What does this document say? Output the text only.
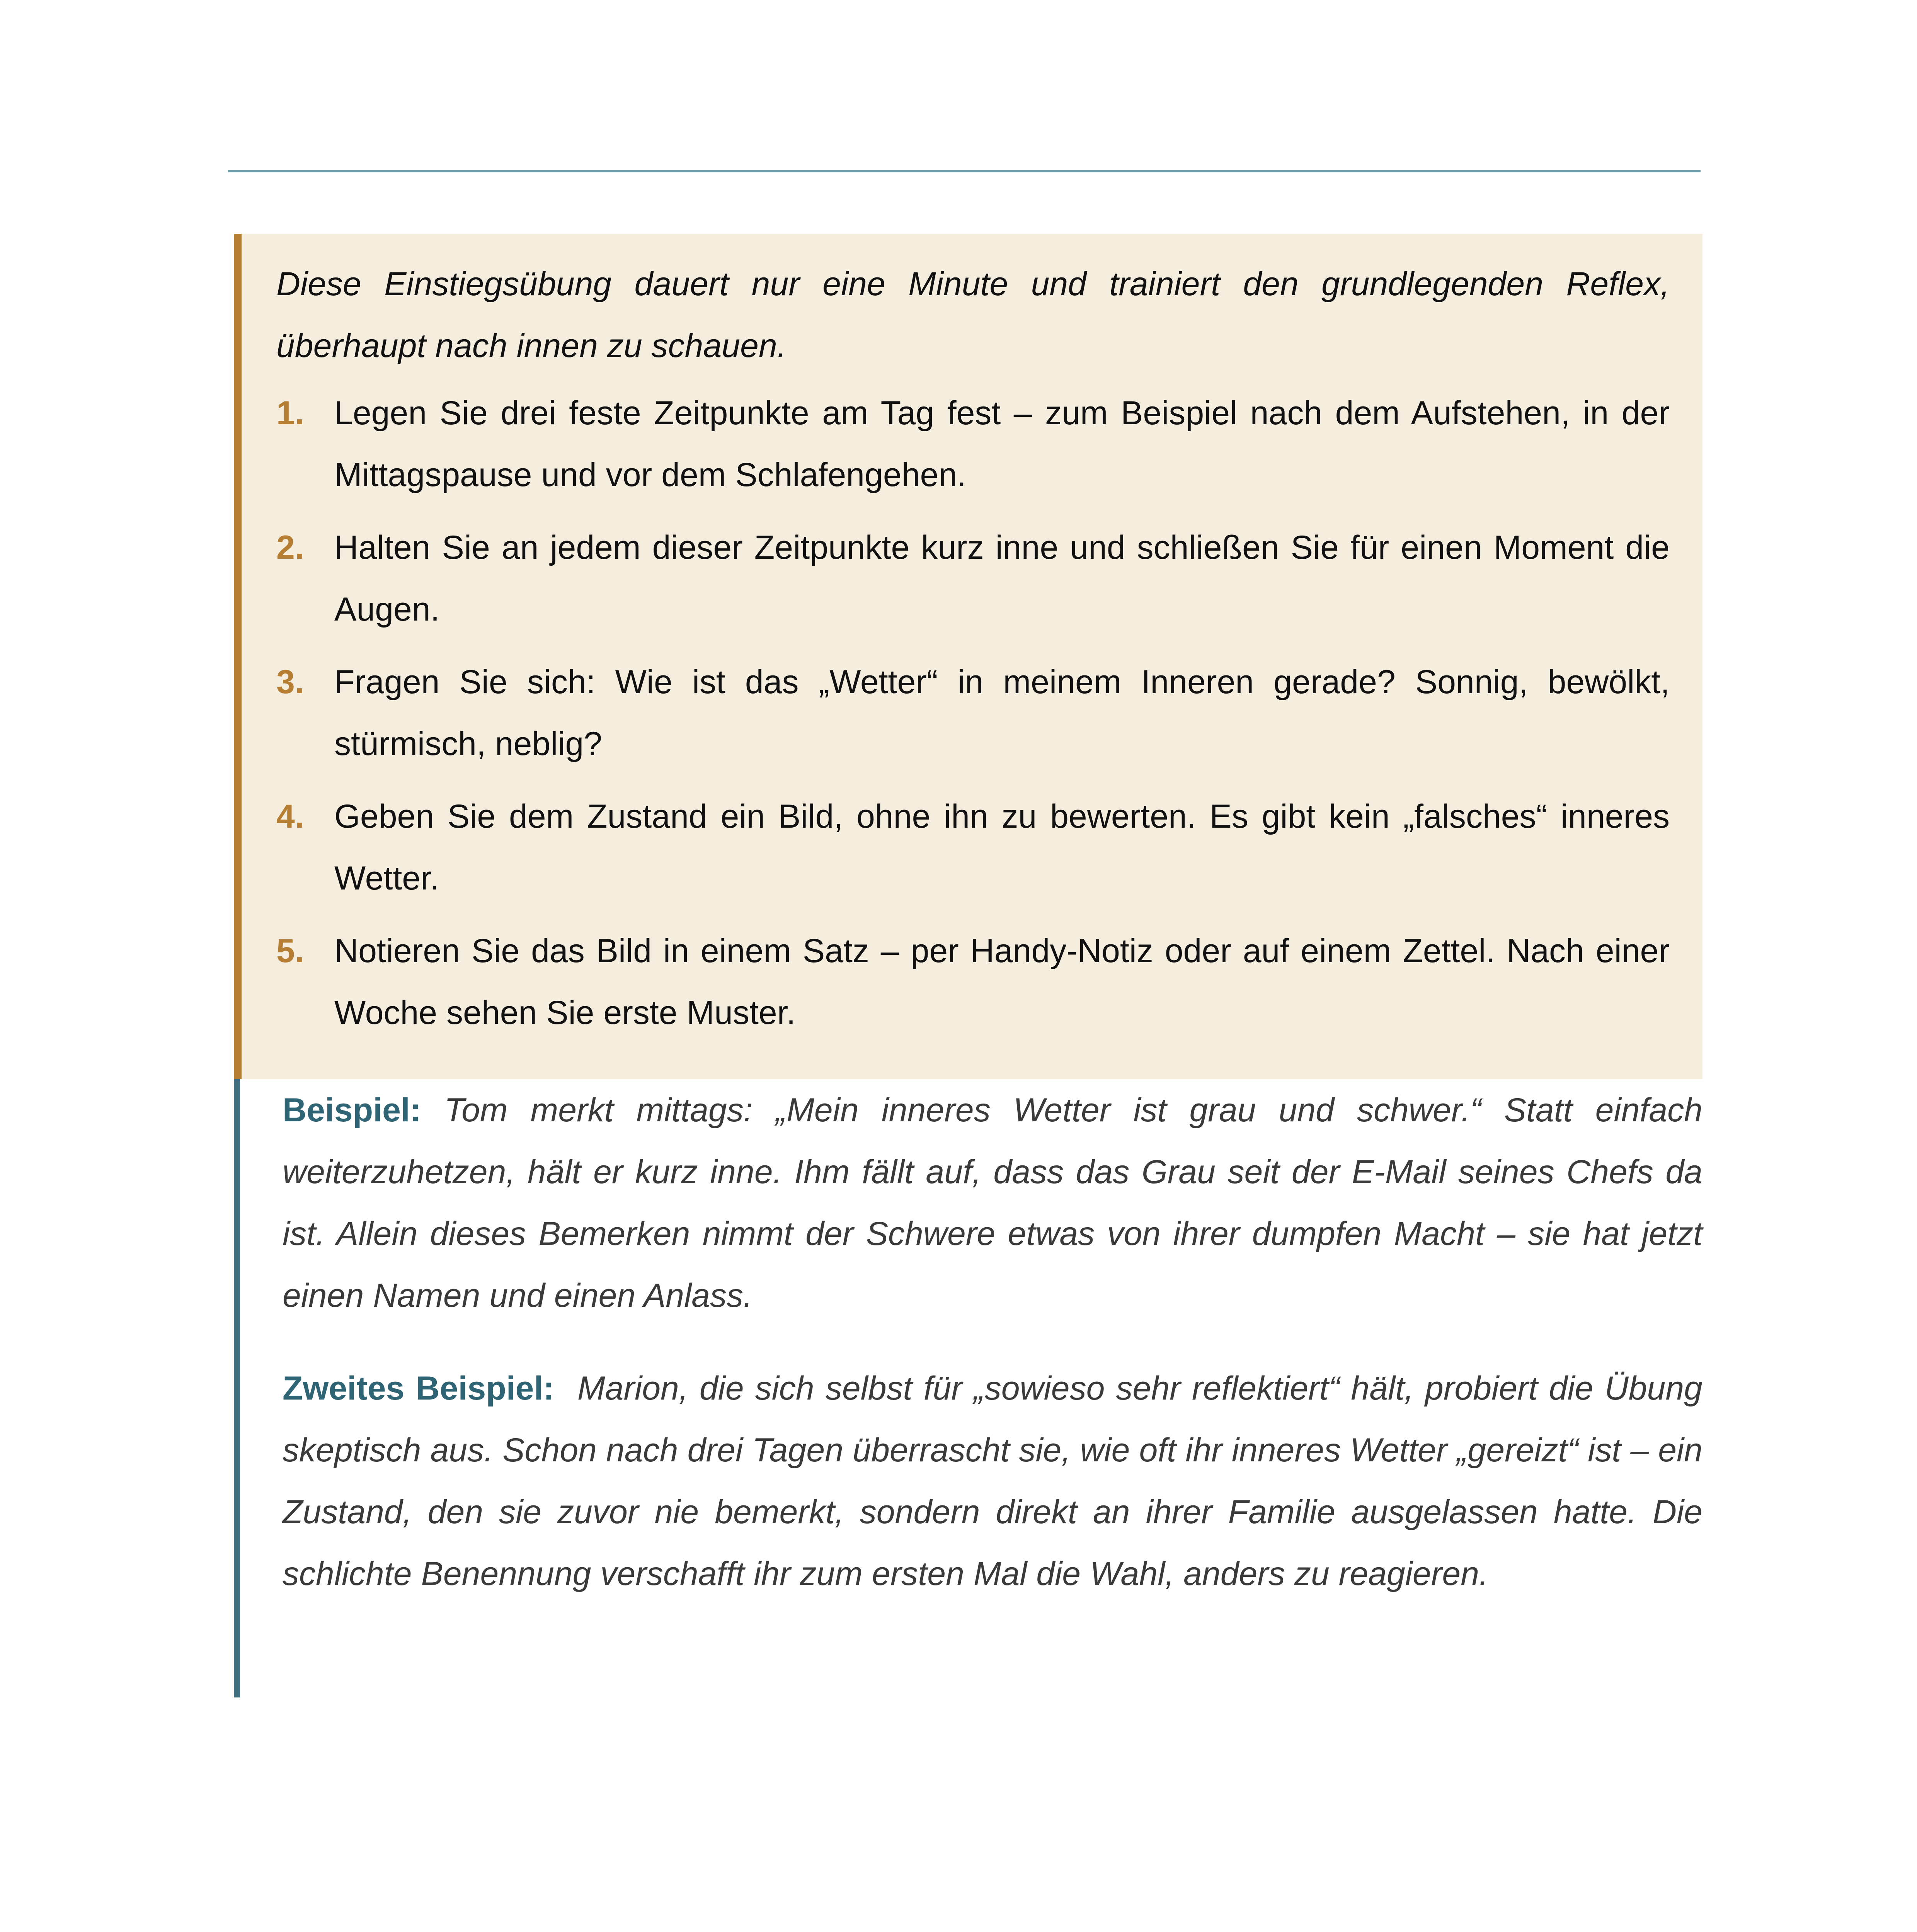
Diese Einstiegsübung dauert nur eine Minute und trainiert den grundlegenden Reflex, überhaupt nach innen zu schauen.

1. Legen Sie drei feste Zeitpunkte am Tag fest – zum Beispiel nach dem Aufstehen, in der Mittagspause und vor dem Schlafengehen.
2. Halten Sie an jedem dieser Zeitpunkte kurz inne und schließen Sie für einen Moment die Augen.
3. Fragen Sie sich: Wie ist das „Wetter“ in meinem Inneren gerade? Sonnig, bewölkt, stürmisch, neblig?
4. Geben Sie dem Zustand ein Bild, ohne ihn zu bewerten. Es gibt kein „falsches“ inneres Wetter.
5. Notieren Sie das Bild in einem Satz – per Handy-Notiz oder auf einem Zettel. Nach einer Woche sehen Sie erste Muster.

Beispiel: Tom merkt mittags: „Mein inneres Wetter ist grau und schwer.“ Statt einfach weiterzuhetzen, hält er kurz inne. Ihm fällt auf, dass das Grau seit der E-Mail seines Chefs da ist. Allein dieses Bemerken nimmt der Schwere etwas von ihrer dumpfen Macht – sie hat jetzt einen Namen und einen Anlass.

Zweites Beispiel: Marion, die sich selbst für „sowieso sehr reflektiert“ hält, probiert die Übung skeptisch aus. Schon nach drei Tagen überrascht sie, wie oft ihr inneres Wetter „gereizt“ ist – ein Zustand, den sie zuvor nie bemerkt, sondern direkt an ihrer Familie ausgelassen hatte. Die schlichte Benennung verschafft ihr zum ersten Mal die Wahl, anders zu reagieren.
